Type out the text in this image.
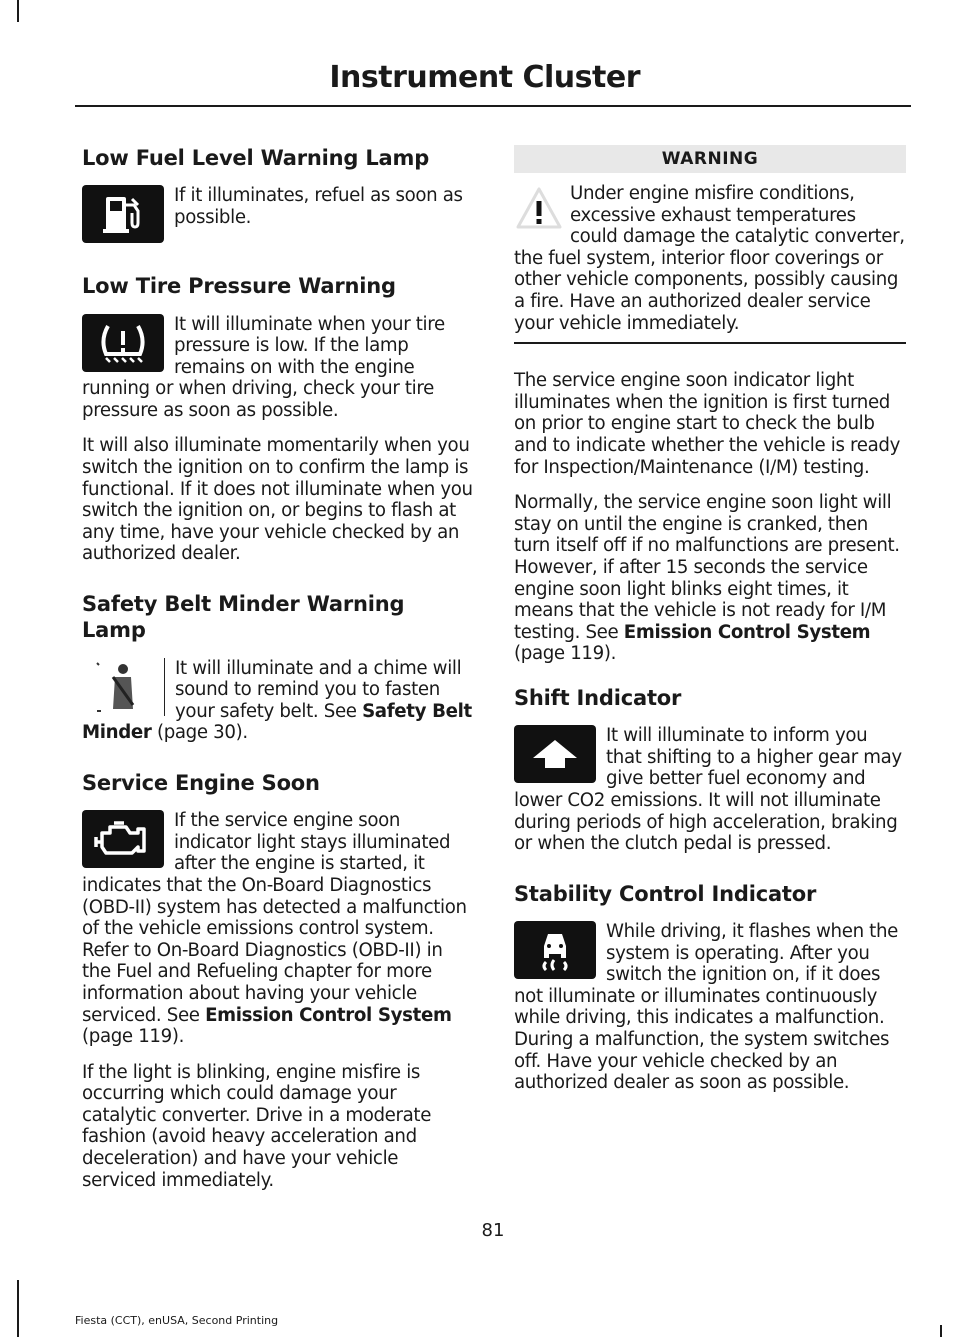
Instrument Cluster
Low Fuel Level Warning Lamp

If it illuminates, refuel as soon as possible.

Low Tire Pressure Warning

It will illuminate when your tire pressure is low. If the lamp remains on with the engine running or when driving, check your tire pressure as soon as possible.

It will also illuminate momentarily when you switch the ignition on to confirm the lamp is functional. If it does not illuminate when you switch the ignition on, or begins to flash at any time, have your vehicle checked by an authorized dealer.

Safety Belt Minder Warning Lamp

It will illuminate and a chime will sound to remind you to fasten your safety belt. See Safety Belt Minder (page 30).

Service Engine Soon

If the service engine soon indicator light stays illuminated after the engine is started, it indicates that the On-Board Diagnostics (OBD-II) system has detected a malfunction of the vehicle emissions control system. Refer to On-Board Diagnostics (OBD-II) in the Fuel and Refueling chapter for more information about having your vehicle serviced. See Emission Control System (page 119).

If the light is blinking, engine misfire is occurring which could damage your catalytic converter. Drive in a moderate fashion (avoid heavy acceleration and deceleration) and have your vehicle serviced immediately.

WARNING

Under engine misfire conditions, excessive exhaust temperatures could damage the catalytic converter, the fuel system, interior floor coverings or other vehicle components, possibly causing a fire. Have an authorized dealer service your vehicle immediately.

The service engine soon indicator light illuminates when the ignition is first turned on prior to engine start to check the bulb and to indicate whether the vehicle is ready for Inspection/Maintenance (I/M) testing.

Normally, the service engine soon light will stay on until the engine is cranked, then turn itself off if no malfunctions are present. However, if after 15 seconds the service engine soon light blinks eight times, it means that the vehicle is not ready for I/M testing. See Emission Control System (page 119).

Shift Indicator

It will illuminate to inform you that shifting to a higher gear may give better fuel economy and lower CO2 emissions. It will not illuminate during periods of high acceleration, braking or when the clutch pedal is pressed.

Stability Control Indicator

While driving, it flashes when the system is operating. After you switch the ignition on, if it does not illuminate or illuminates continuously while driving, this indicates a malfunction. During a malfunction, the system switches off. Have your vehicle checked by an authorized dealer as soon as possible.

81
Fiesta (CCT), enUSA, Second Printing
